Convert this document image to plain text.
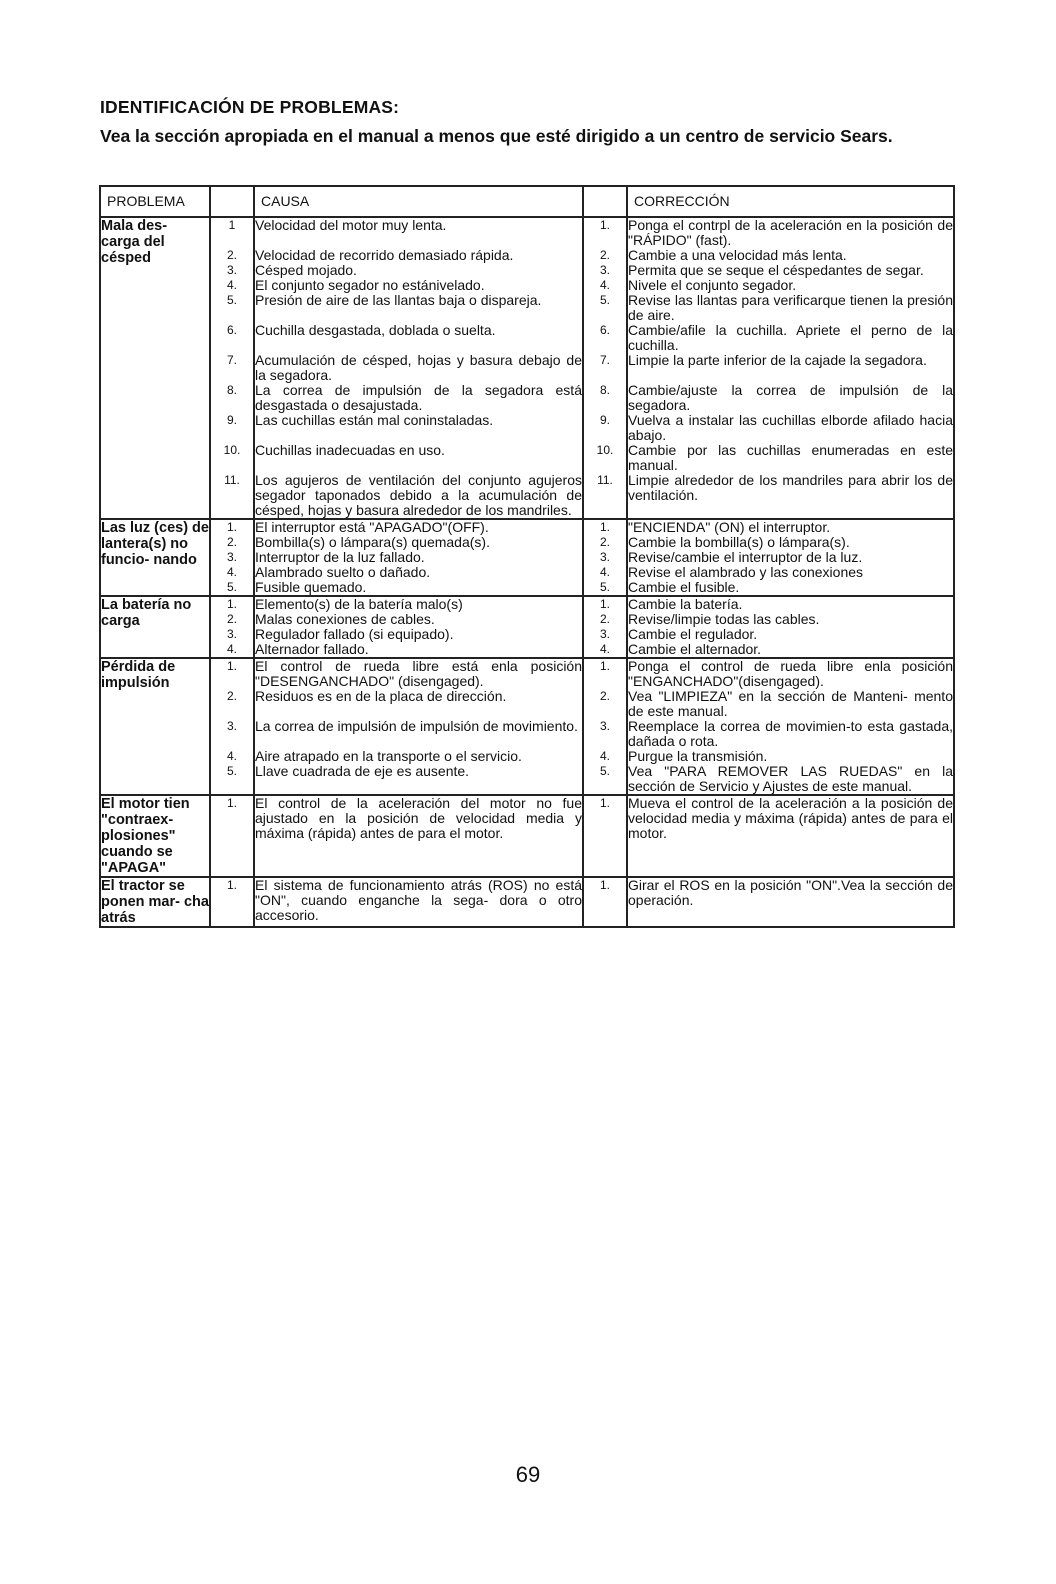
IDENTIFICACIÓN DE PROBLEMAS:
Vea la sección apropiada en el manual a menos que esté dirigido a un centro de servicio Sears.
PROBLEMA		CAUSA		CORRECCIÓN
Mala des- carga del césped	1	Velocidad del motor muy lenta.	1.	Ponga el contrpl de la aceleración en la posición de "RÁPIDO" (fast).
	2.	Velocidad de recorrido demasiado rápida.	2.	Cambie a una velocidad más lenta.
	3.	Césped mojado.	3.	Permita que se seque el céspedantes de segar.
	4.	El conjunto segador no estánivelado.	4.	Nivele el conjunto segador.
	5.	Presión de aire de las llantas baja o dispareja.	5.	Revise las llantas para verificarque tienen la presión de aire.
	6.	Cuchilla desgastada, doblada o suelta.	6.	Cambie/afile la cuchilla. Apriete el perno de la cuchilla.
	7.	Acumulación de césped, hojas y basura debajo de la segadora.	7.	Limpie la parte inferior de la cajade la segadora.
	8.	La correa de impulsión de la segadora está desgastada o desajustada.	8.	Cambie/ajuste la correa de impulsión de la segadora.
	9.	Las cuchillas están mal coninstaladas.	9.	Vuelva a instalar las cuchillas elborde afilado hacia abajo.
	10.	Cuchillas inadecuadas en uso.	10.	Cambie por las cuchillas enumeradas en este manual.
	11.	Los agujeros de ventilación del conjunto agujeros segador taponados debido a la acumulación de césped, hojas y basura alrededor de los mandriles.	11.	Limpie alrededor de los mandriles para abrir los de ventilación.
Las luz (ces) de lantera(s) no funcio- nando	1.	El interruptor está "APAGADO"(OFF).	1.	"ENCIENDA" (ON) el interruptor.
	2.	Bombilla(s) o lámpara(s) quemada(s).	2.	Cambie la bombilla(s) o lámpara(s).
	3.	Interruptor de la luz fallado.	3.	Revise/cambie el interruptor de la luz.
	4.	Alambrado suelto o dañado.	4.	Revise el alambrado y las conexiones
	5.	Fusible quemado.	5.	Cambie el fusible.
La batería no carga	1.	Elemento(s) de la batería malo(s)	1.	Cambie la batería.
	2.	Malas conexiones de cables.	2.	Revise/limpie todas las cables.
	3.	Regulador fallado (si equipado).	3.	Cambie el regulador.
	4.	Alternador fallado.	4.	Cambie el alternador.
Pérdida de impulsión	1.	El control de rueda libre está enla posición "DESENGANCHADO" (disengaged).	1.	Ponga el control de rueda libre enla posición "ENGANCHADO"(disengaged).
	2.	Residuos es en de la placa de dirección.	2.	Vea "LIMPIEZA" en la sección de Manteni- mento de este manual.
	3.	La correa de impulsión de impulsión de movimiento.	3.	Reemplace la correa de movimien-to esta gastada, dañada o rota.
	4.	Aire atrapado en la transporte o el servicio.	4.	Purgue la transmisión.
	5.	Llave cuadrada de eje es ausente.	5.	Vea "PARA REMOVER LAS RUEDAS" en la sección de Servicio y Ajustes de este manual.
El motor tien "contraex- plosiones" cuando se "APAGA"	1.	El control de la aceleración del motor no fue ajustado en la posición de velocidad media y máxima (rápida) antes de para el motor.	1.	Mueva el control de la aceleración a la posición de velocidad media y máxima (rápida) antes de para el motor.
El tractor se ponen mar- cha atrás	1.	El sistema de funcionamiento atrás (ROS) no está "ON", cuando enganche la sega- dora o otro accesorio.	1.	Girar el ROS en la posición "ON".Vea la sección de operación.
69
